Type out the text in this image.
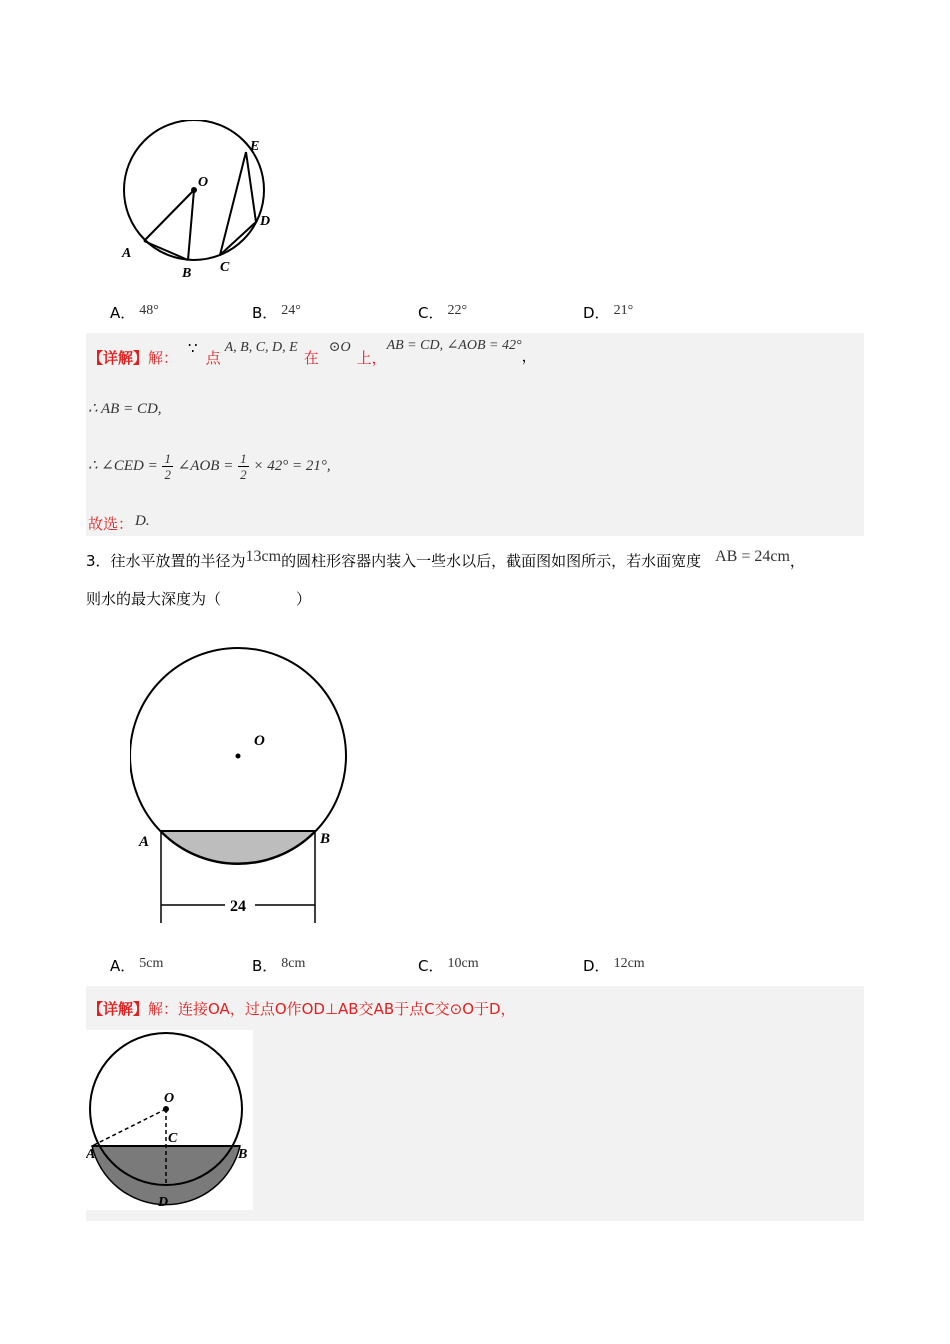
O
E
D
C
A
B
A． 48°	B． 24°	C． 22°	D． 21°
【详解】解： ∵ 点A, B, C, D, E在⊙O上，AB = CD, ∠AOB = 42°，
∴ AB = CD,
∴ ∠CED = $\frac{1}{2}$ ∠AOB = $\frac{1}{2} \times 42^\circ = 21^\circ$,
故选： D.
3．往水平放置的半径为13cm的圆柱形容器内装入一些水以后，截面图如图所示，若水面宽度 AB = 24cm，
则水的最大深度为（　　　　　）
O
A	B
24
A． 5cm	B． 8cm	C． 10cm	D． 12cm
【详解】解：连接OA，过点O作OD⊥AB交AB于点C交⊙O于D，
O
C
A	B
D
